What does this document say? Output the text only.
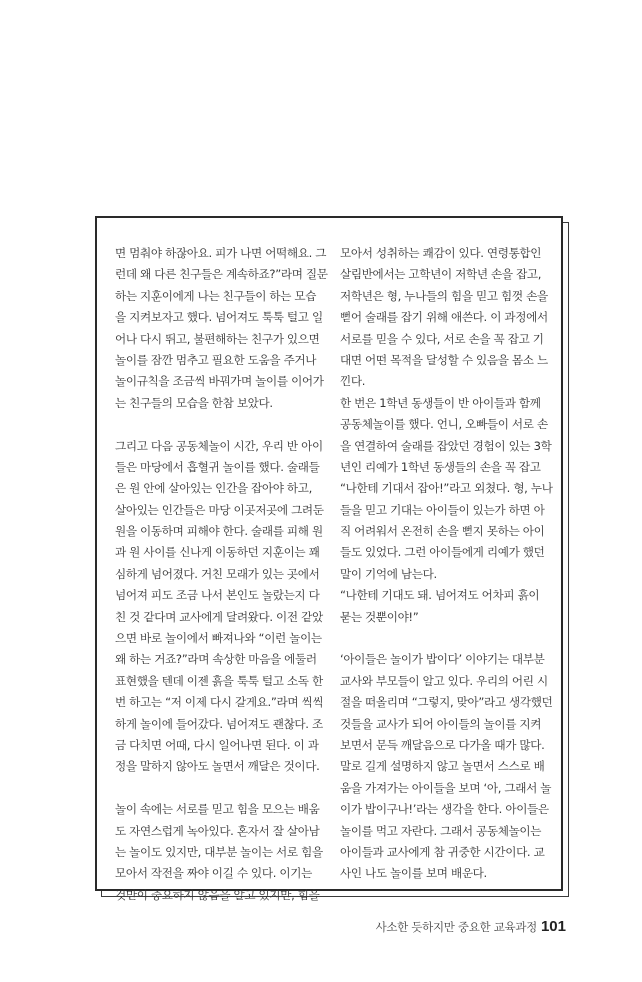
면 멈춰야 하잖아요. 피가 나면 어떡해요. 그
런데 왜 다른 친구들은 계속하죠?”라며 질문
하는 지훈이에게 나는 친구들이 하는 모습
을 지켜보자고 했다. 넘어져도 툭툭 털고 일
어나 다시 뛰고, 불편해하는 친구가 있으면
놀이를 잠깐 멈추고 필요한 도움을 주거나
놀이규칙을 조금씩 바꿔가며 놀이를 이어가
는 친구들의 모습을 한참 보았다.
그리고 다음 공동체놀이 시간, 우리 반 아이
들은 마당에서 흡혈귀 놀이를 했다. 술래들
은 원 안에 살아있는 인간을 잡아야 하고,
살아있는 인간들은 마당 이곳저곳에 그려둔
원을 이동하며 피해야 한다. 술래를 피해 원
과 원 사이를 신나게 이동하던 지훈이는 꽤
심하게 넘어졌다. 거친 모래가 있는 곳에서
넘어져 피도 조금 나서 본인도 놀랐는지 다
친 것 같다며 교사에게 달려왔다. 이전 같았
으면 바로 놀이에서 빠져나와 “이런 놀이는
왜 하는 거죠?”라며 속상한 마음을 에둘러
표현했을 텐데 이젠 흙을 툭툭 털고 소독 한
번 하고는 “저 이제 다시 갈게요.”라며 씩씩
하게 놀이에 들어갔다. 넘어져도 괜찮다. 조
금 다치면 어때, 다시 일어나면 된다. 이 과
정을 말하지 않아도 놀면서 깨달은 것이다.
놀이 속에는 서로를 믿고 힘을 모으는 배움
도 자연스럽게 녹아있다. 혼자서 잘 살아남
는 놀이도 있지만, 대부분 놀이는 서로 힘을
모아서 작전을 짜야 이길 수 있다. 이기는
것만이 중요하지 않음을 알고 있지만, 힘을
모아서 성취하는 쾌감이 있다. 연령통합인
살림반에서는 고학년이 저학년 손을 잡고,
저학년은 형, 누나들의 힘을 믿고 힘껏 손을
뻗어 술래를 잡기 위해 애쓴다. 이 과정에서
서로를 믿을 수 있다, 서로 손을 꼭 잡고 기
대면 어떤 목적을 달성할 수 있음을 몸소 느
낀다.
한 번은 1학년 동생들이 반 아이들과 함께
공동체놀이를 했다. 언니, 오빠들이 서로 손
을 연결하여 술래를 잡았던 경험이 있는 3학
년인 리예가 1학년 동생들의 손을 꼭 잡고
“나한테 기대서 잡아!”라고 외쳤다. 형, 누나
들을 믿고 기대는 아이들이 있는가 하면 아
직 어려워서 온전히 손을 뻗지 못하는 아이
들도 있었다. 그런 아이들에게 리예가 했던
말이 기억에 남는다.
“나한테 기대도 돼. 넘어져도 어차피 흙이
묻는 것뿐이야!”
‘아이들은 놀이가 밥이다’ 이야기는 대부분
교사와 부모들이 알고 있다. 우리의 어린 시
절을 떠올리며 “그렇지, 맞아”라고 생각했던
것들을 교사가 되어 아이들의 놀이를 지켜
보면서 문득 깨달음으로 다가올 때가 많다.
말로 길게 설명하지 않고 놀면서 스스로 배
움을 가져가는 아이들을 보며 ‘아, 그래서 놀
이가 밥이구나!’라는 생각을 한다. 아이들은
놀이를 먹고 자란다. 그래서 공동체놀이는
아이들과 교사에게 참 귀중한 시간이다. 교
사인 나도 놀이를 보며 배운다.
사소한 듯하지만 중요한 교육과정 101
